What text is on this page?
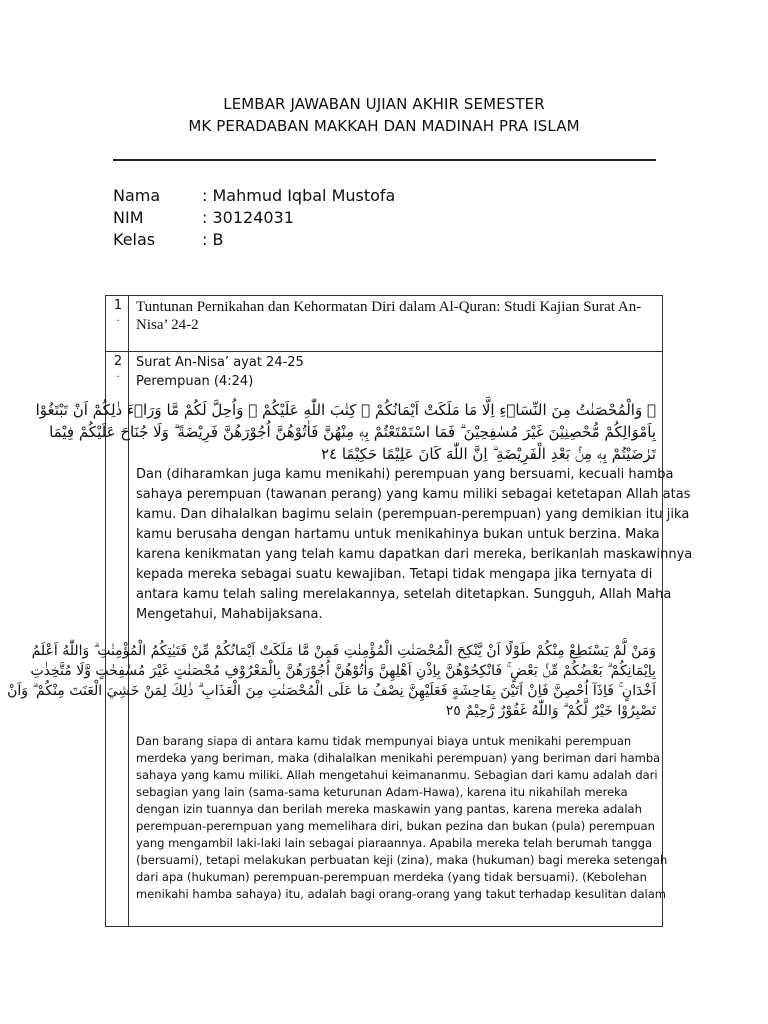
LEMBAR JAWABAN UJIAN AKHIR SEMESTER
MK PERADABAN MAKKAH DAN MADINAH PRA ISLAM
Nama	: Mahmud Iqbal Mustofa
NIM	: 30124031
Kelas	: B
1
.
Tuntunan Pernikahan dan Kehormatan Diri dalam Al-Quran: Studi Kajian Surat An-
Nisa’ 24-2
2
.
Surat An-Nisa’ ayat 24-25
Perempuan (4:24)
۞ وَالْمُحْصَنٰتُ مِنَ النِّسَاۤءِ اِلَّا مَا مَلَكَتْ اَيْمَانُكُمْ ۚ كِتٰبَ اللّٰهِ عَلَيْكُمْ ۚ وَاُحِلَّ لَكُمْ مَّا وَرَاۤءَ ذٰلِكُمْ اَنْ تَبْتَغُوْا
بِاَمْوَالِكُمْ مُّحْصِنِيْنَ غَيْرَ مُسٰفِحِيْنَ ۗ فَمَا اسْتَمْتَعْتُمْ بِهٖ مِنْهُنَّ فَاٰتُوْهُنَّ اُجُوْرَهُنَّ فَرِيْضَةً ۗ وَلَا جُنَاحَ عَلَيْكُمْ فِيْمَا
تَرٰضَيْتُمْ بِهٖ مِنْۢ بَعْدِ الْفَرِيْضَةِ ۗ اِنَّ اللّٰهَ كَانَ عَلِيْمًا حَكِيْمًا ٢٤
Dan (diharamkan juga kamu menikahi) perempuan yang bersuami, kecuali hamba
sahaya perempuan (tawanan perang) yang kamu miliki sebagai ketetapan Allah atas
kamu. Dan dihalalkan bagimu selain (perempuan-perempuan) yang demikian itu jika
kamu berusaha dengan hartamu untuk menikahinya bukan untuk berzina. Maka
karena kenikmatan yang telah kamu dapatkan dari mereka, berikanlah maskawinnya
kepada mereka sebagai suatu kewajiban. Tetapi tidak mengapa jika ternyata di
antara kamu telah saling merelakannya, setelah ditetapkan. Sungguh, Allah Maha
Mengetahui, Mahabijaksana.
وَمَنْ لَّمْ يَسْتَطِعْ مِنْكُمْ طَوْلًا اَنْ يَّنْكِحَ الْمُحْصَنٰتِ الْمُؤْمِنٰتِ فَمِنْ مَّا مَلَكَتْ اَيْمَانُكُمْ مِّنْ فَتَيٰتِكُمُ الْمُؤْمِنٰتِ ۗ وَاللّٰهُ اَعْلَمُ
بِاِيْمَانِكُمْ ۗ بَعْضُكُمْ مِّنْۢ بَعْضٍ ۚ فَانْكِحُوْهُنَّ بِاِذْنِ اَهْلِهِنَّ وَاٰتُوْهُنَّ اُجُوْرَهُنَّ بِالْمَعْرُوْفِ مُحْصَنٰتٍ غَيْرَ مُسٰفِحٰتٍ وَّلَا مُتَّخِذٰتِ
اَخْدَانٍ ۚ فَاِذَآ اُحْصِنَّ فَاِنْ اَتَيْنَ بِفَاحِشَةٍ فَعَلَيْهِنَّ نِصْفُ مَا عَلَى الْمُحْصَنٰتِ مِنَ الْعَذَابِ ۗ ذٰلِكَ لِمَنْ خَشِيَ الْعَنَتَ مِنْكُمْ ۗ وَاَنْ
تَصْبِرُوْا خَيْرٌ لَّكُمْ ۗ وَاللّٰهُ غَفُوْرٌ رَّحِيْمٌ ٢٥
Dan barang siapa di antara kamu tidak mempunyai biaya untuk menikahi perempuan
merdeka yang beriman, maka (dihalalkan menikahi perempuan) yang beriman dari hamba
sahaya yang kamu miliki. Allah mengetahui keimananmu. Sebagian dari kamu adalah dari
sebagian yang lain (sama-sama keturunan Adam-Hawa), karena itu nikahilah mereka
dengan izin tuannya dan berilah mereka maskawin yang pantas, karena mereka adalah
perempuan-perempuan yang memelihara diri, bukan pezina dan bukan (pula) perempuan
yang mengambil laki-laki lain sebagai piaraannya. Apabila mereka telah berumah tangga
(bersuami), tetapi melakukan perbuatan keji (zina), maka (hukuman) bagi mereka setengah
dari apa (hukuman) perempuan-perempuan merdeka (yang tidak bersuami). (Kebolehan
menikahi hamba sahaya) itu, adalah bagi orang-orang yang takut terhadap kesulitan dalam
